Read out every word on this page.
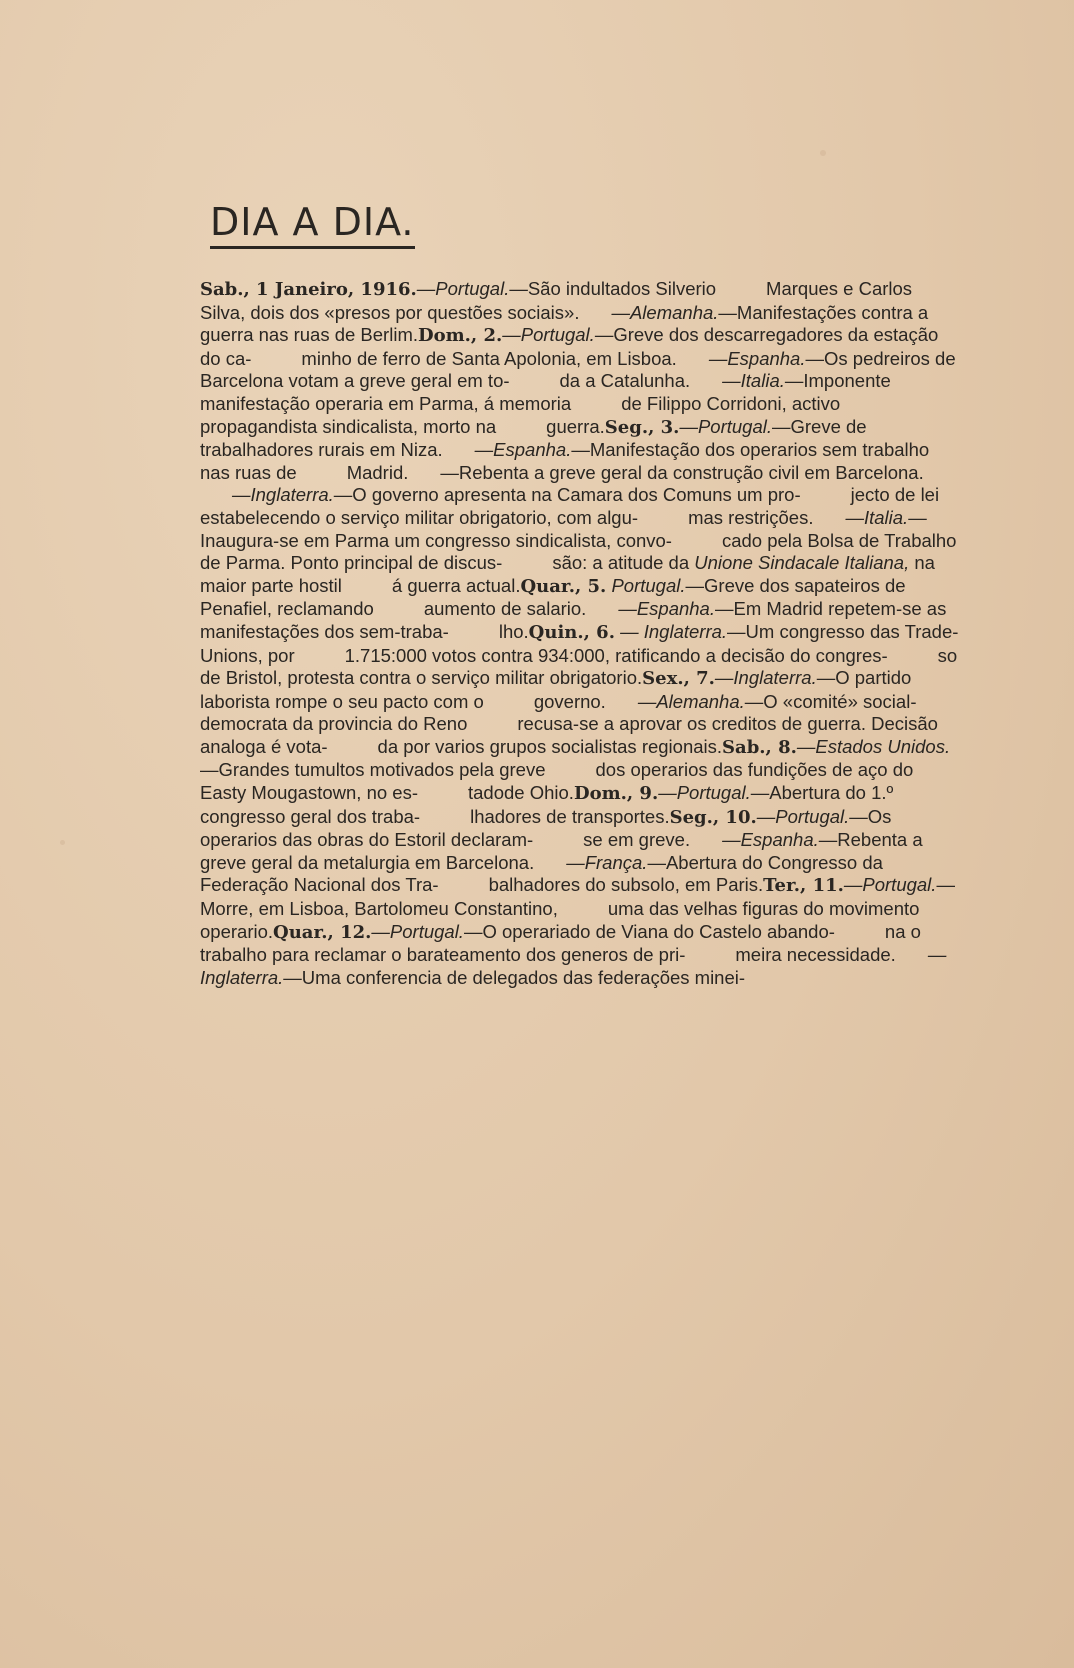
DIA A DIA.
Sab., 1 Janeiro, 1916.—Portugal.—São indultados Silverio	Marques e Carlos Silva, dois dos «presos por questões sociais». —Alemanha.—Manifestações contra a guerra nas ruas de Berlim.Dom., 2.—Portugal.—Greve dos descarregadores da estação do ca-	minho de ferro de Santa Apolonia, em Lisboa. —Espanha.—Os pedreiros de Barcelona votam a greve geral em to-	da a Catalunha. —Italia.—Imponente manifestação operaria em Parma, á memoria	de Filippo Corridoni, activo propagandista sindicalista, morto na	guerra.Seg., 3.—Portugal.—Greve de trabalhadores rurais em Niza. —Espanha.—Manifestação dos operarios sem trabalho nas ruas de	Madrid. —Rebenta a greve geral da construção civil em Barcelona.—Inglaterra.—O governo apresenta na Camara dos Comuns um pro-	jecto de lei estabelecendo o serviço militar obrigatorio, com algu-	mas restrições. —Italia.—Inaugura-se em Parma um congresso sindicalista, convo-	cado pela Bolsa de Trabalho de Parma. Ponto principal de discus-	são: a atitude da Unione Sindacale Italiana, na maior parte hostil	á guerra actual.Quar., 5. Portugal.—Greve dos sapateiros de Penafiel, reclamando	aumento de salario. —Espanha.—Em Madrid repetem-se as manifestações dos sem-traba-	lho.Quin., 6. — Inglaterra.—Um congresso das Trade-Unions, por	1.715:000 votos contra 934:000, ratificando a decisão do congres-	so de Bristol, protesta contra o serviço militar obrigatorio.Sex., 7.—Inglaterra.—O partido laborista rompe o seu pacto com o	governo. —Alemanha.—O «comité» social-democrata da provincia do Reno	recusa-se a aprovar os creditos de guerra. Decisão analoga é vota-	da por varios grupos socialistas regionais.Sab., 8.—Estados Unidos.—Grandes tumultos motivados pela greve	dos operarios das fundições de aço do Easty Mougastown, no es-	tadode Ohio.Dom., 9.—Portugal.—Abertura do 1.º congresso geral dos traba-	lhadores de transportes.Seg., 10.—Portugal.—Os operarios das obras do Estoril declaram-	se em greve. —Espanha.—Rebenta a greve geral da metalurgia em Barcelona. —França.—Abertura do Congresso da Federação Nacional dos Tra-	balhadores do subsolo, em Paris.Ter., 11.—Portugal.—Morre, em Lisboa, Bartolomeu Constantino,	uma das velhas figuras do movimento operario.Quar., 12.—Portugal.—O operariado de Viana do Castelo abando-	na o trabalho para reclamar o barateamento dos generos de pri-	meira necessidade. —Inglaterra.—Uma conferencia de delegados das federações minei-
